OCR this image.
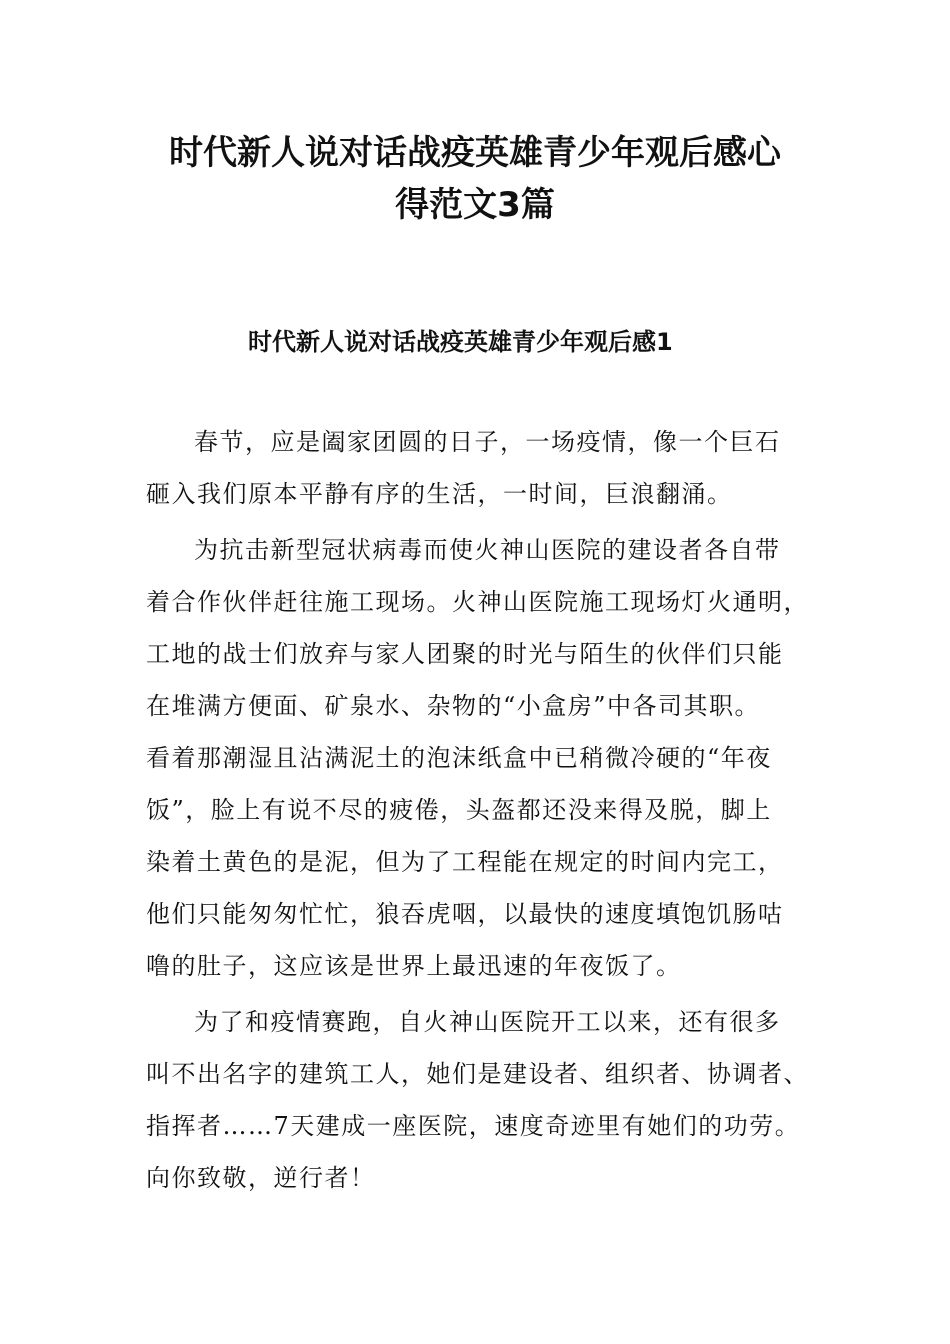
时代新人说对话战疫英雄青少年观后感心
得范文3篇
时代新人说对话战疫英雄青少年观后感1
春节，应是阖家团圆的日子，一场疫情，像一个巨石
砸入我们原本平静有序的生活，一时间，巨浪翻涌。
为抗击新型冠状病毒而使火神山医院的建设者各自带
着合作伙伴赶往施工现场。火神山医院施工现场灯火通明，
工地的战士们放弃与家人团聚的时光与陌生的伙伴们只能
在堆满方便面、矿泉水、杂物的“小盒房”中各司其职。
看着那潮湿且沾满泥土的泡沫纸盒中已稍微冷硬的“年夜
饭”，脸上有说不尽的疲倦，头盔都还没来得及脱，脚上
染着土黄色的是泥，但为了工程能在规定的时间内完工，
他们只能匆匆忙忙，狼吞虎咽，以最快的速度填饱饥肠咕
噜的肚子，这应该是世界上最迅速的年夜饭了。
为了和疫情赛跑，自火神山医院开工以来，还有很多
叫不出名字的建筑工人，她们是建设者、组织者、协调者、
指挥者……7天建成一座医院，速度奇迹里有她们的功劳。
向你致敬，逆行者！
